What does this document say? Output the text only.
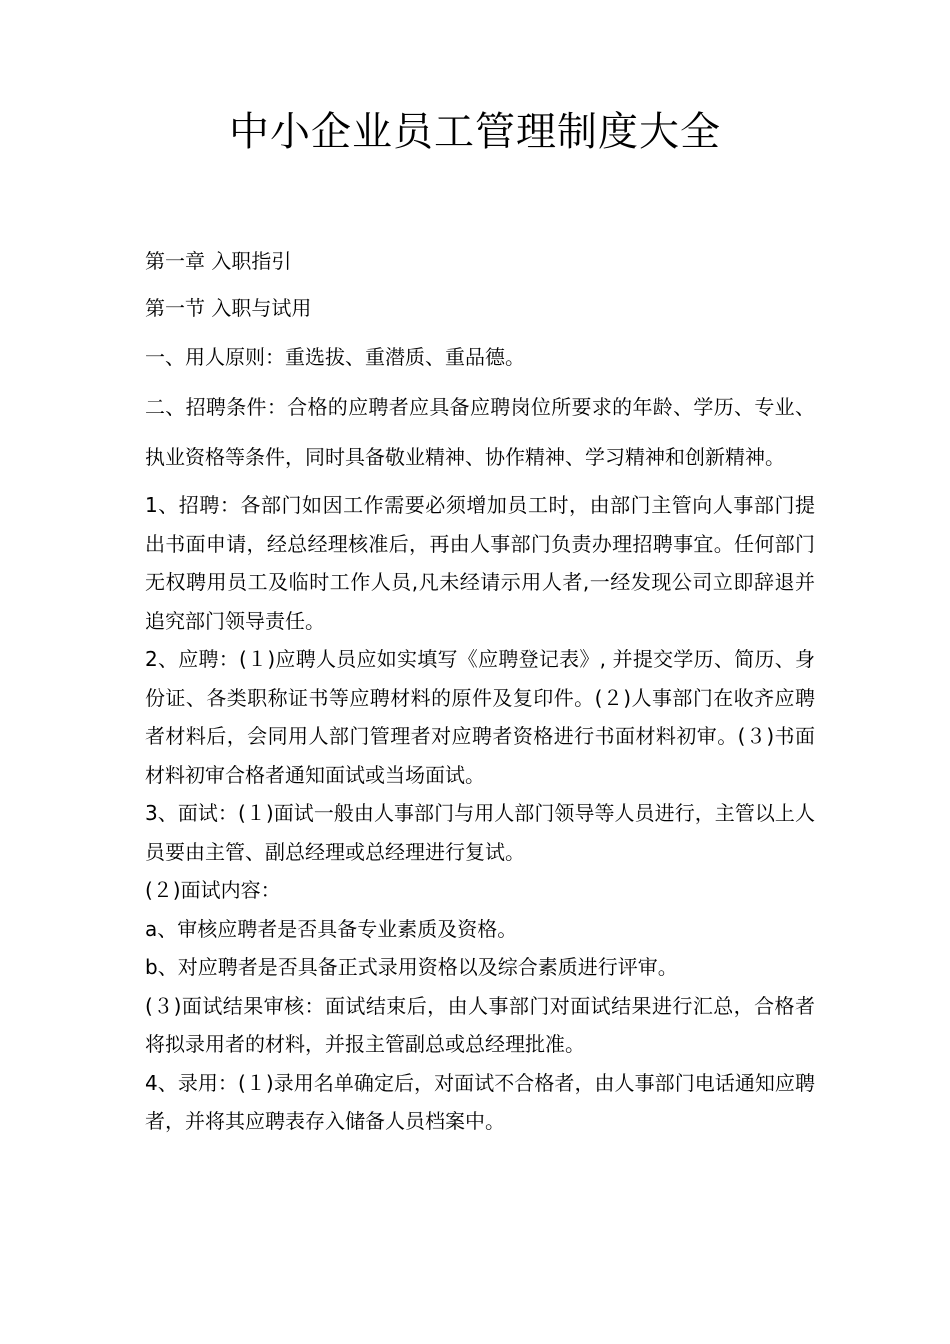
中小企业员工管理制度大全

第一章 入职指引

第一节 入职与试用

一、用人原则：重选拔、重潜质、重品德。

二、招聘条件：合格的应聘者应具备应聘岗位所要求的年龄、学历、专业、执业资格等条件，同时具备敬业精神、协作精神、学习精神和创新精神。

1、招聘：各部门如因工作需要必须增加员工时，由部门主管向人事部门提出书面申请，经总经理核准后，再由人事部门负责办理招聘事宜。任何部门无权聘用员工及临时工作人员,凡未经请示用人者,一经发现公司立即辞退并追究部门领导责任。

2、应聘：(１)应聘人员应如实填写《应聘登记表》, 并提交学历、简历、身份证、各类职称证书等应聘材料的原件及复印件。(２)人事部门在收齐应聘者材料后，会同用人部门管理者对应聘者资格进行书面材料初审。(３)书面材料初审合格者通知面试或当场面试。

3、面试：(１)面试一般由人事部门与用人部门领导等人员进行，主管以上人员要由主管、副总经理或总经理进行复试。

(２)面试内容：

a、审核应聘者是否具备专业素质及资格。

b、对应聘者是否具备正式录用资格以及综合素质进行评审。

(３)面试结果审核：面试结束后，由人事部门对面试结果进行汇总，合格者将拟录用者的材料，并报主管副总或总经理批准。

4、录用：(１)录用名单确定后，对面试不合格者，由人事部门电话通知应聘者，并将其应聘表存入储备人员档案中。
